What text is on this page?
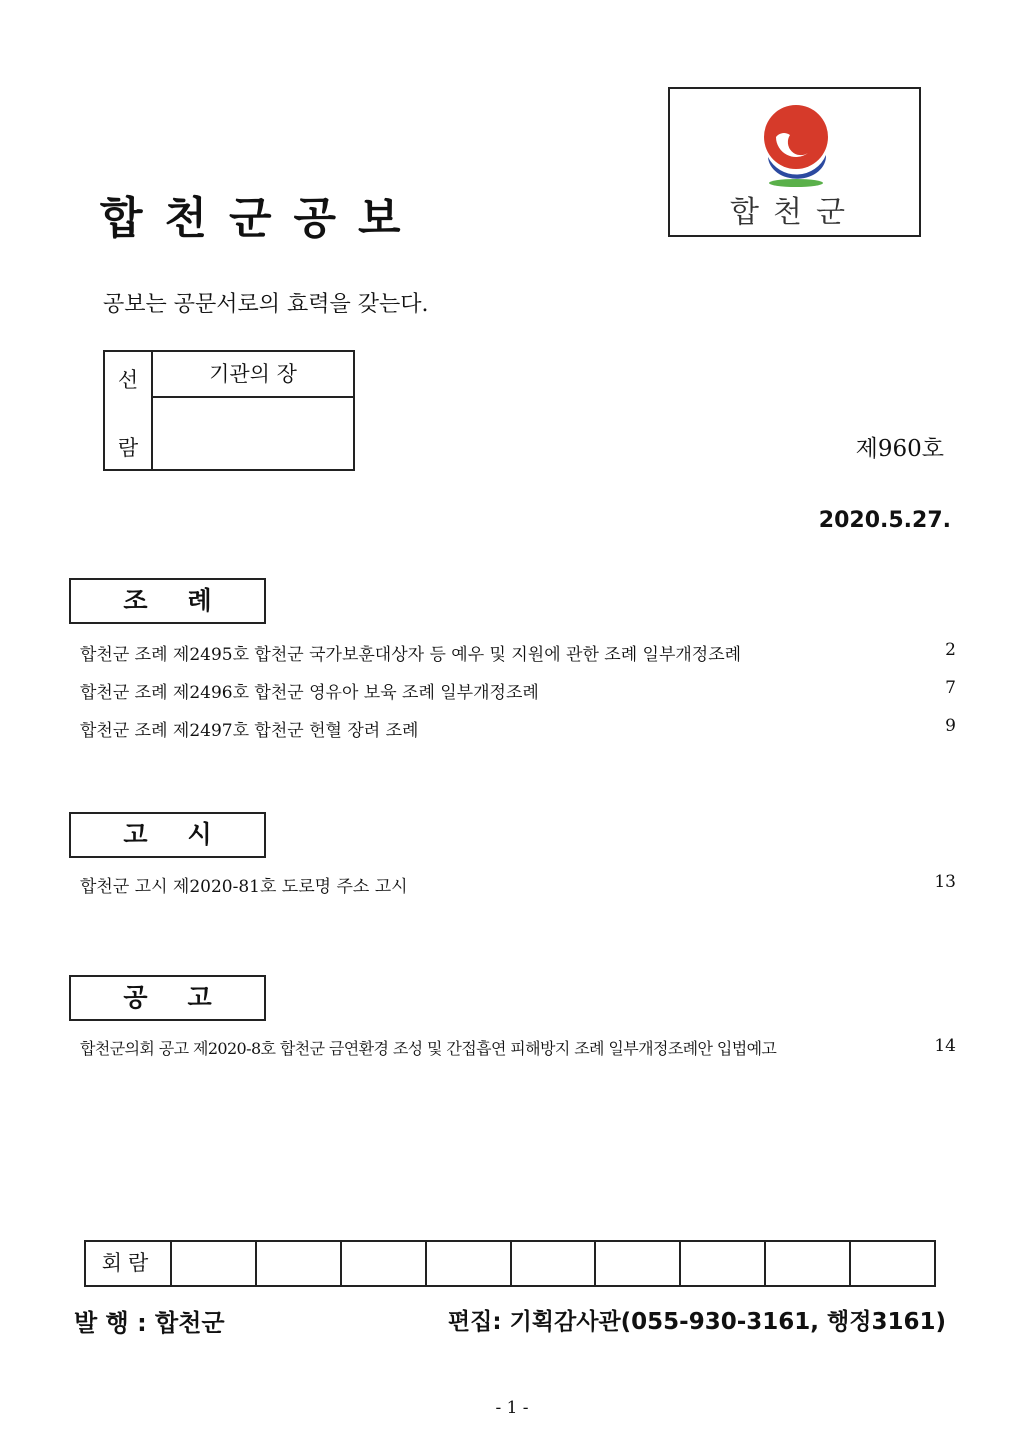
합천군공보	합천군
공보는 공문서로의 효력을 갖는다.
선
람
기관의 장
제960호
2020.5.27.
조례
합천군 조례 제2495호 합천군 국가보훈대상자 등 예우 및 지원에 관한 조례 일부개정조례	2
합천군 조례 제2496호 합천군 영유아 보육 조례 일부개정조례	7
합천군 조례 제2497호 합천군 헌혈 장려 조례	9
고시
합천군 고시 제2020-81호 도로명 주소 고시	13
공고
합천군의회 공고 제2020-8호 합천군 금연환경 조성 및 간접흡연 피해방지 조례 일부개정조례안 입법예고	14
회람
발 행 : 합천군	편집: 기획감사관(055-930-3161, 행정3161)
- 1 -
